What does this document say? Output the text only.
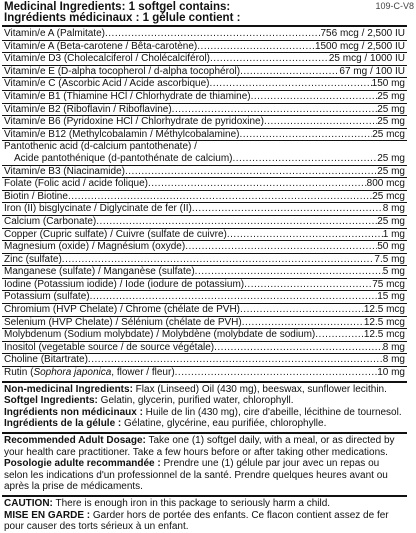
109-C-V8
Medicinal Ingredients: 1 softgel contains:
Ingrédients médicinaux : 1 gélule contient :
Vitamin/e A (Palmitate) .....	756 mcg / 2,500 IU
Vitamin/e A (Beta-carotene / Bêta-carotène) .....	1500 mcg / 2,500 IU
Vitamin/e D3 (Cholecalciferol / Cholécalciférol) .....	25 mcg / 1000 IU
Vitamin/e E (D-alpha tocopherol / d-alpha tocophérol) .....	67 mg / 100 IU
Vitamin/e C (Ascorbic Acid / Acide ascorbique) .....	150 mg
Vitamin/e B1 (Thiamine HCl / Chlorhydrate de thiamine) .....	25 mg
Vitamin/e B2 (Riboflavin / Riboflavine) .....	25 mg
Vitamin/e B6 (Pyridoxine HCl / Chlorhydrate de pyridoxine) .....	25 mg
Vitamin/e B12 (Methylcobalamin / Méthylcobalamine) .....	25 mcg
Pantothenic acid (d-calcium pantothenate) /
Acide pantothénique (d-pantothénate de calcium) .....	25 mg
Vitamin/e B3 (Niacinamide) .....	25 mg
Folate (Folic acid / acide folique) .....	800 mcg
Biotin / Biotine .....	25 mcg
Iron (II) bisglycinate / Diglycinate de fer (II) .....	8 mg
Calcium (Carbonate) .....	25 mg
Copper (Cupric sulfate) / Cuivre (sulfate de cuivre) .....	1 mg
Magnesium (oxide) / Magnésium (oxyde) .....	50 mg
Zinc (sulfate) .....	7.5 mg
Manganese (sulfate) / Manganèse (sulfate) .....	5 mg
Iodine (Potassium iodide) / Iode (iodure de potassium) .....	75 mcg
Potassium (sulfate) .....	15 mg
Chromium (HVP Chelate) / Chrome (chélate de PVH) .....	12.5 mcg
Selenium (HVP Chelate) / Sélénium (chélate de PVH) .....	12.5 mcg
Molybdenum (Sodium molybdate) / Molybdène (molybdate de sodium) .....	12.5 mcg
Inositol (vegetable source / de source végétale) .....	8 mg
Choline (Bitartrate) .....	8 mg
Rutin (Sophora japonica, flower / fleur) .....	10 mg
Non-medicinal Ingredients: Flax (Linseed) Oil (430 mg), beeswax, sunflower lecithin.
Softgel Ingredients: Gelatin, glycerin, purified water, chlorophyll.
Ingrédients non médicinaux : Huile de lin (430 mg), cire d'abeille, lécithine de tournesol.
Ingrédients de la gélule : Gélatine, glycérine, eau purifiée, chlorophylle.
Recommended Adult Dosage: Take one (1) softgel daily, with a meal, or as directed by your health care practitioner. Take a few hours before or after taking other medications.
Posologie adulte recommandée : Prendre une (1) gélule par jour avec un repas ou selon les indications d'un professionnel de la santé. Prendre quelques heures avant ou après la prise de médicaments.
CAUTION: There is enough iron in this package to seriously harm a child.
MISE EN GARDE : Garder hors de portée des enfants. Ce flacon contient assez de fer pour causer des torts sérieux à un enfant.
